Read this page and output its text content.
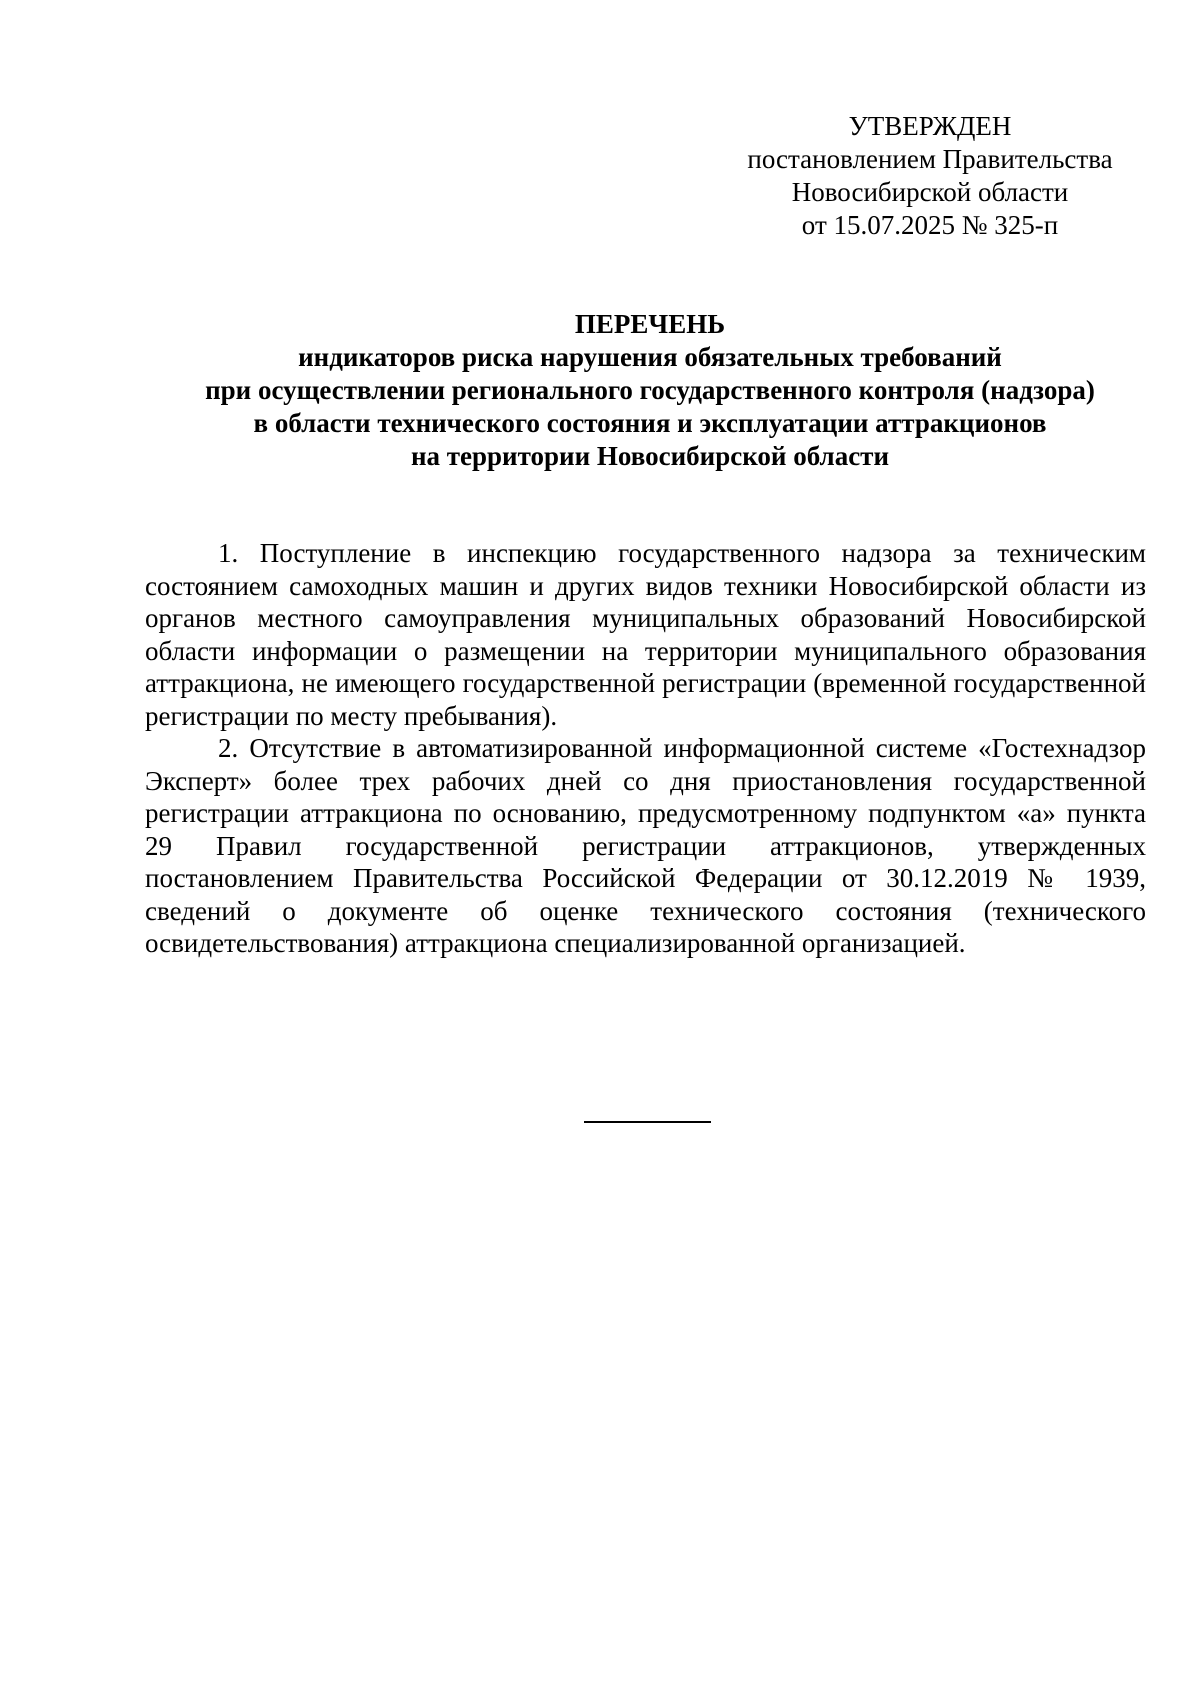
УТВЕРЖДЕН
постановлением Правительства
Новосибирской области
от 15.07.2025 № 325-п
ПЕРЕЧЕНЬ
индикаторов риска нарушения обязательных требований
при осуществлении регионального государственного контроля (надзора)
в области технического состояния и эксплуатации аттракционов
на территории Новосибирской области

1. Поступление в инспекцию государственного надзора за техническим состоянием самоходных машин и других видов техники Новосибирской области из органов местного самоуправления муниципальных образований Новосибирской области информации о размещении на территории муниципального образования аттракциона, не имеющего государственной регистрации (временной государственной регистрации по месту пребывания).

2. Отсутствие в автоматизированной информационной системе «Гостехнадзор Эксперт» более трех рабочих дней со дня приостановления государственной регистрации аттракциона по основанию, предусмотренному подпунктом «а» пункта 29 Правил государственной регистрации аттракционов, утвержденных постановлением Правительства Российской Федерации от 30.12.2019 № 1939, сведений о документе об оценке технического состояния (технического освидетельствования) аттракциона специализированной организацией.
